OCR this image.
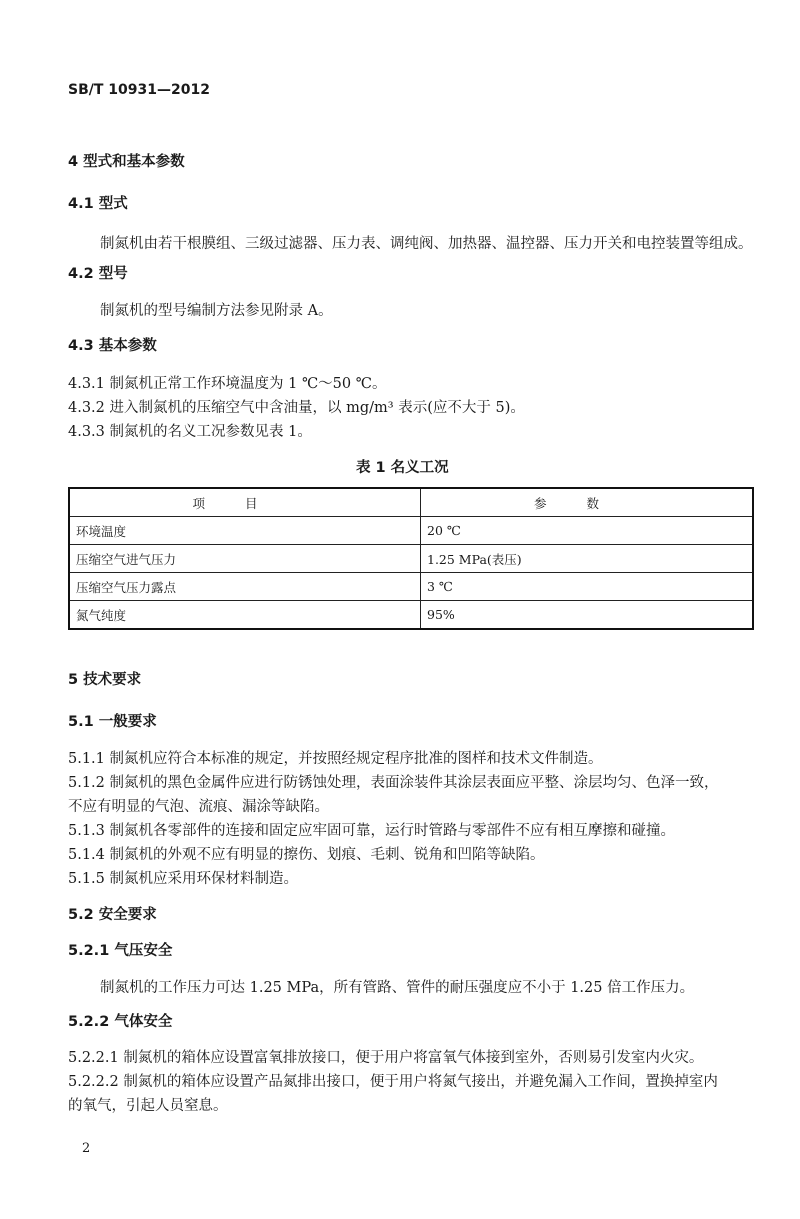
SB/T 10931—2012
4 型式和基本参数
4.1 型式
制氮机由若干根膜组、三级过滤器、压力表、调纯阀、加热器、温控器、压力开关和电控装置等组成。
4.2 型号
制氮机的型号编制方法参见附录 A。
4.3 基本参数
4.3.1 制氮机正常工作环境温度为 1 ℃～50 ℃。
4.3.2 进入制氮机的压缩空气中含油量，以 mg/m³ 表示(应不大于 5)。
4.3.3 制氮机的名义工况参数见表 1。
表 1 名义工况
项目	参数
环境温度	20 ℃
压缩空气进气压力	1.25 MPa(表压)
压缩空气压力露点	3 ℃
氮气纯度	95%
5 技术要求
5.1 一般要求
5.1.1 制氮机应符合本标准的规定，并按照经规定程序批准的图样和技术文件制造。
5.1.2 制氮机的黑色金属件应进行防锈蚀处理，表面涂装件其涂层表面应平整、涂层均匀、色泽一致，
不应有明显的气泡、流痕、漏涂等缺陷。
5.1.3 制氮机各零部件的连接和固定应牢固可靠，运行时管路与零部件不应有相互摩擦和碰撞。
5.1.4 制氮机的外观不应有明显的擦伤、划痕、毛刺、锐角和凹陷等缺陷。
5.1.5 制氮机应采用环保材料制造。
5.2 安全要求
5.2.1 气压安全
制氮机的工作压力可达 1.25 MPa，所有管路、管件的耐压强度应不小于 1.25 倍工作压力。
5.2.2 气体安全
5.2.2.1 制氮机的箱体应设置富氧排放接口，便于用户将富氧气体接到室外，否则易引发室内火灾。
5.2.2.2 制氮机的箱体应设置产品氮排出接口，便于用户将氮气接出，并避免漏入工作间，置换掉室内
的氧气，引起人员窒息。
2
